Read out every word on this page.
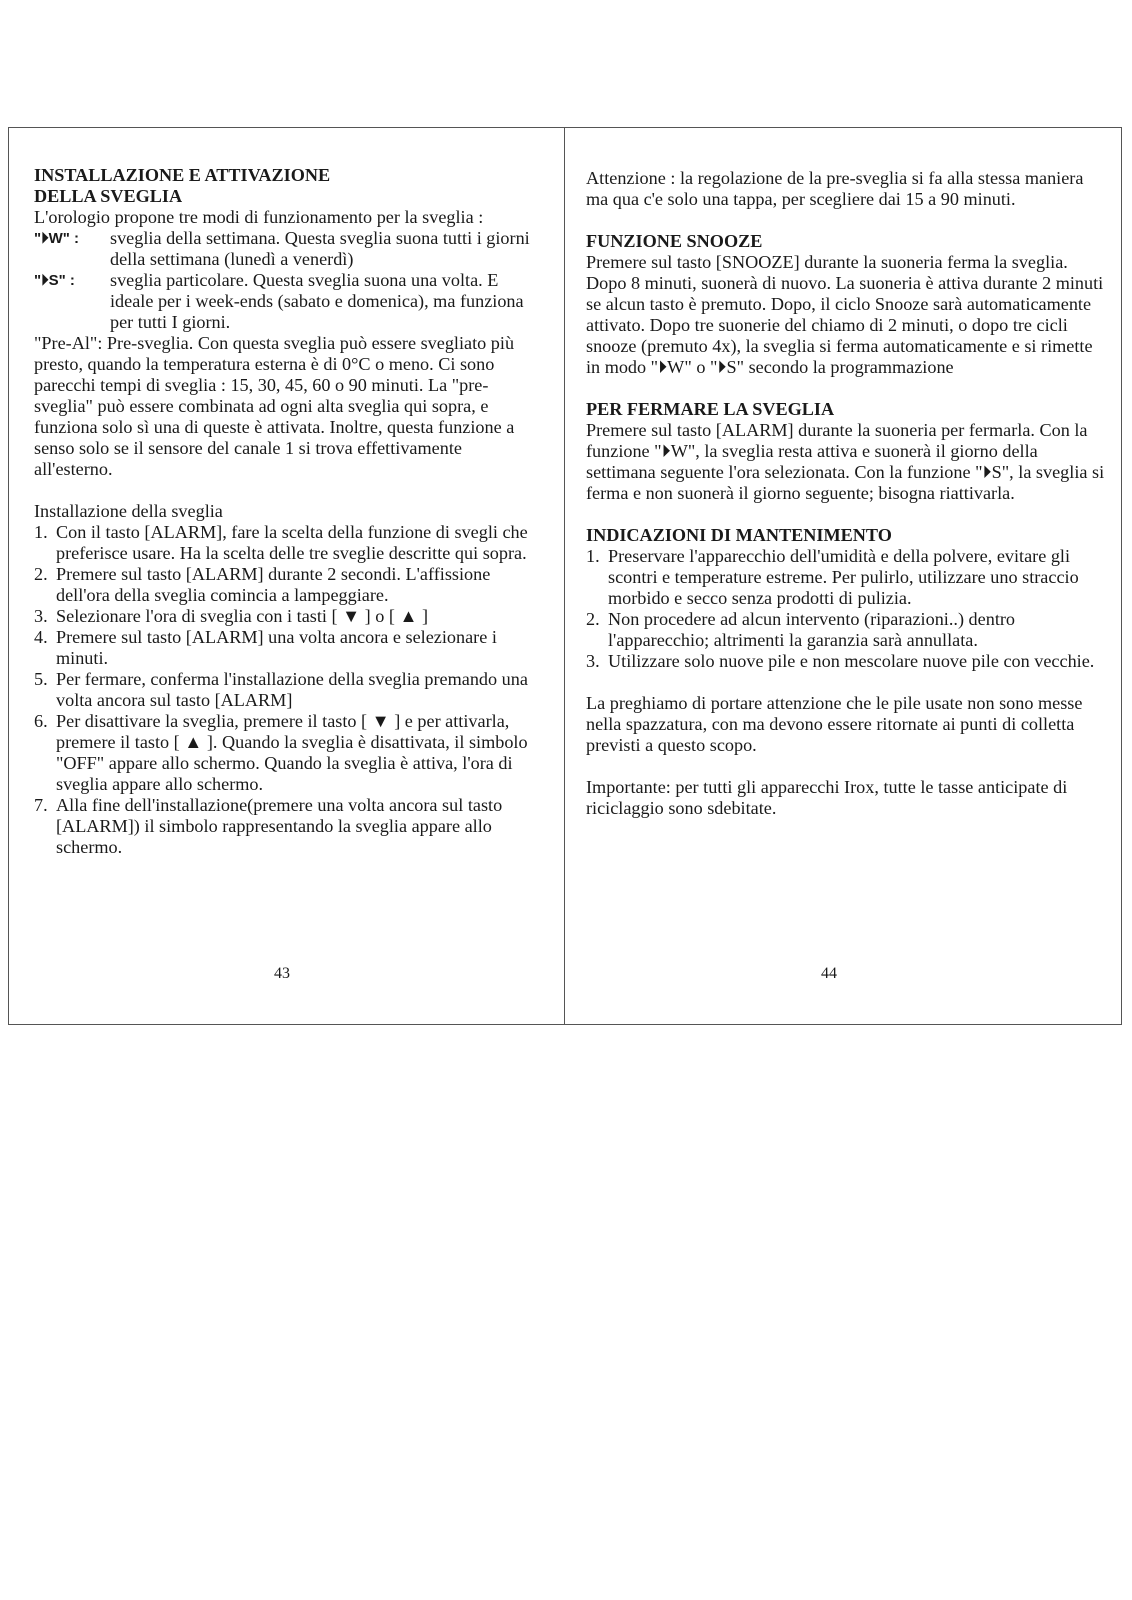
INSTALLAZIONE E ATTIVAZIONE

DELLA SVEGLIA

L'orologio propone tre modi di funzionamento per la sveglia :

"⏵W" :	sveglia della settimana. Questa sveglia suona tutti i giorni della settimana (lunedì a venerdì)
"⏵S" :	sveglia particolare. Questa sveglia suona una volta. E ideale per i week-ends (sabato e domenica), ma funziona per tutti I giorni.

"Pre-Al": Pre-sveglia. Con questa sveglia può essere svegliato più presto, quando la temperatura esterna è di 0°C o meno. Ci sono parecchi tempi di sveglia : 15, 30, 45, 60 o 90 minuti. La "pre-sveglia" può essere combinata ad ogni alta sveglia qui sopra, e funziona solo sì una di queste è attivata. Inoltre, questa funzione a senso solo se il sensore del canale 1 si trova effettivamente all'esterno.

Installazione della sveglia

1. Con il tasto [ALARM], fare la scelta della funzione di svegli che preferisce usare. Ha la scelta delle tre sveglie descritte qui sopra.
2. Premere sul tasto [ALARM] durante 2 secondi. L'affissione dell'ora della sveglia comincia a lampeggiare.
3. Selezionare l'ora di sveglia con i tasti [ ▼ ] o [ ▲ ]
4. Premere sul tasto [ALARM] una volta ancora e selezionare i minuti.
5. Per fermare, conferma l'installazione della sveglia premando una volta ancora sul tasto [ALARM]
6. Per disattivare la sveglia, premere il tasto [ ▼ ] e per attivarla, premere il tasto [ ▲ ]. Quando la sveglia è disattivata, il simbolo "OFF" appare allo schermo. Quando la sveglia è attiva, l'ora di sveglia appare allo schermo.
7. Alla fine dell'installazione(premere una volta ancora sul tasto [ALARM]) il simbolo rappresentando la sveglia appare allo schermo.
43

Attenzione : la regolazione de la pre-sveglia si fa alla stessa maniera ma qua c'e solo una tappa, per scegliere dai 15 a 90 minuti.

FUNZIONE SNOOZE

Premere sul tasto [SNOOZE] durante la suoneria ferma la sveglia. Dopo 8 minuti, suonerà di nuovo. La suoneria è attiva durante 2 minuti se alcun tasto è premuto. Dopo, il ciclo Snooze sarà automaticamente attivato. Dopo tre suonerie del chiamo di 2 minuti, o dopo tre cicli snooze (premuto 4x), la sveglia si ferma automaticamente e si rimette in modo "⏵W" o "⏵S" secondo la programmazione

PER FERMARE LA SVEGLIA

Premere sul tasto [ALARM] durante la suoneria per fermarla. Con la funzione "⏵W", la sveglia resta attiva e suonerà il giorno della settimana seguente l'ora selezionata. Con la funzione "⏵S", la sveglia si ferma e non suonerà il giorno seguente; bisogna riattivarla.

INDICAZIONI DI MANTENIMENTO

1. Preservare l'apparecchio dell'umidità e della polvere, evitare gli scontri e temperature estreme. Per pulirlo, utilizzare uno straccio morbido e secco senza prodotti di pulizia.
2. Non procedere ad alcun intervento (riparazioni..) dentro l'apparecchio; altrimenti la garanzia sarà annullata.
3. Utilizzare solo nuove pile e non mescolare nuove pile con vecchie.

La preghiamo di portare attenzione che le pile usate non sono messe nella spazzatura, con ma devono essere ritornate ai punti di colletta previsti a questo scopo.

Importante: per tutti gli apparecchi Irox, tutte le tasse anticipate di riciclaggio sono sdebitate.

44
